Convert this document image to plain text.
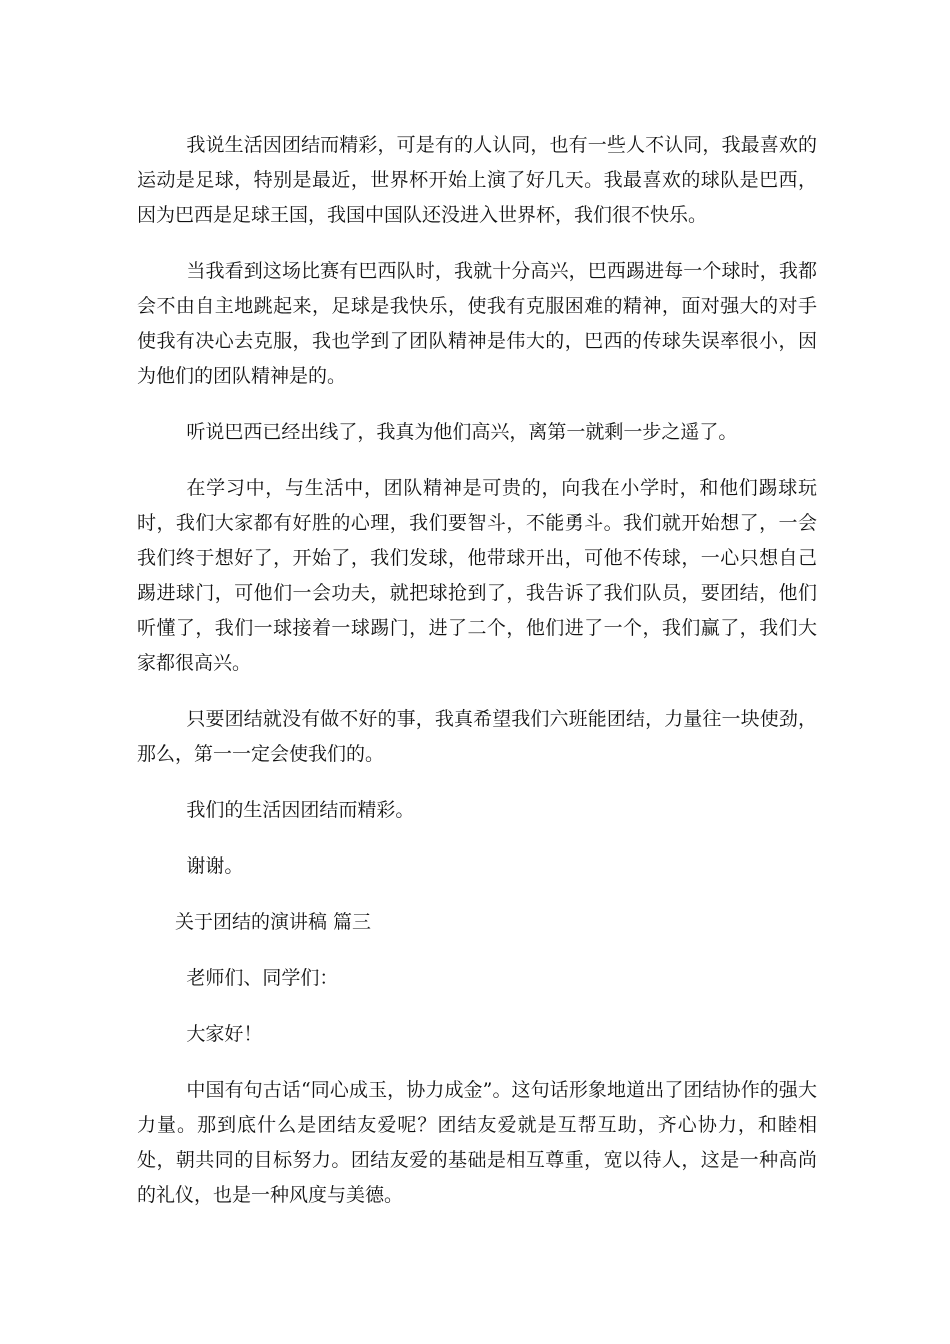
我说生活因团结而精彩，可是有的人认同，也有一些人不认同，我最喜欢的运动是足球，特别是最近，世界杯开始上演了好几天。我最喜欢的球队是巴西，因为巴西是足球王国，我国中国队还没进入世界杯，我们很不快乐。

当我看到这场比赛有巴西队时，我就十分高兴，巴西踢进每一个球时，我都会不由自主地跳起来，足球是我快乐，使我有克服困难的精神，面对强大的对手使我有决心去克服，我也学到了团队精神是伟大的，巴西的传球失误率很小，因为他们的团队精神是的。

听说巴西已经出线了，我真为他们高兴，离第一就剩一步之遥了。

在学习中，与生活中，团队精神是可贵的，向我在小学时，和他们踢球玩时，我们大家都有好胜的心理，我们要智斗，不能勇斗。我们就开始想了，一会我们终于想好了，开始了，我们发球，他带球开出，可他不传球，一心只想自己踢进球门，可他们一会功夫，就把球抢到了，我告诉了我们队员，要团结，他们听懂了，我们一球接着一球踢门，进了二个，他们进了一个，我们赢了，我们大家都很高兴。

只要团结就没有做不好的事，我真希望我们六班能团结，力量往一块使劲，那么，第一一定会使我们的。

我们的生活因团结而精彩。

谢谢。

关于团结的演讲稿 篇三

老师们、同学们：

大家好！

中国有句古话“同心成玉，协力成金”。这句话形象地道出了团结协作的强大力量。那到底什么是团结友爱呢？团结友爱就是互帮互助，齐心协力，和睦相处，朝共同的目标努力。团结友爱的基础是相互尊重，宽以待人，这是一种高尚的礼仪，也是一种风度与美德。
